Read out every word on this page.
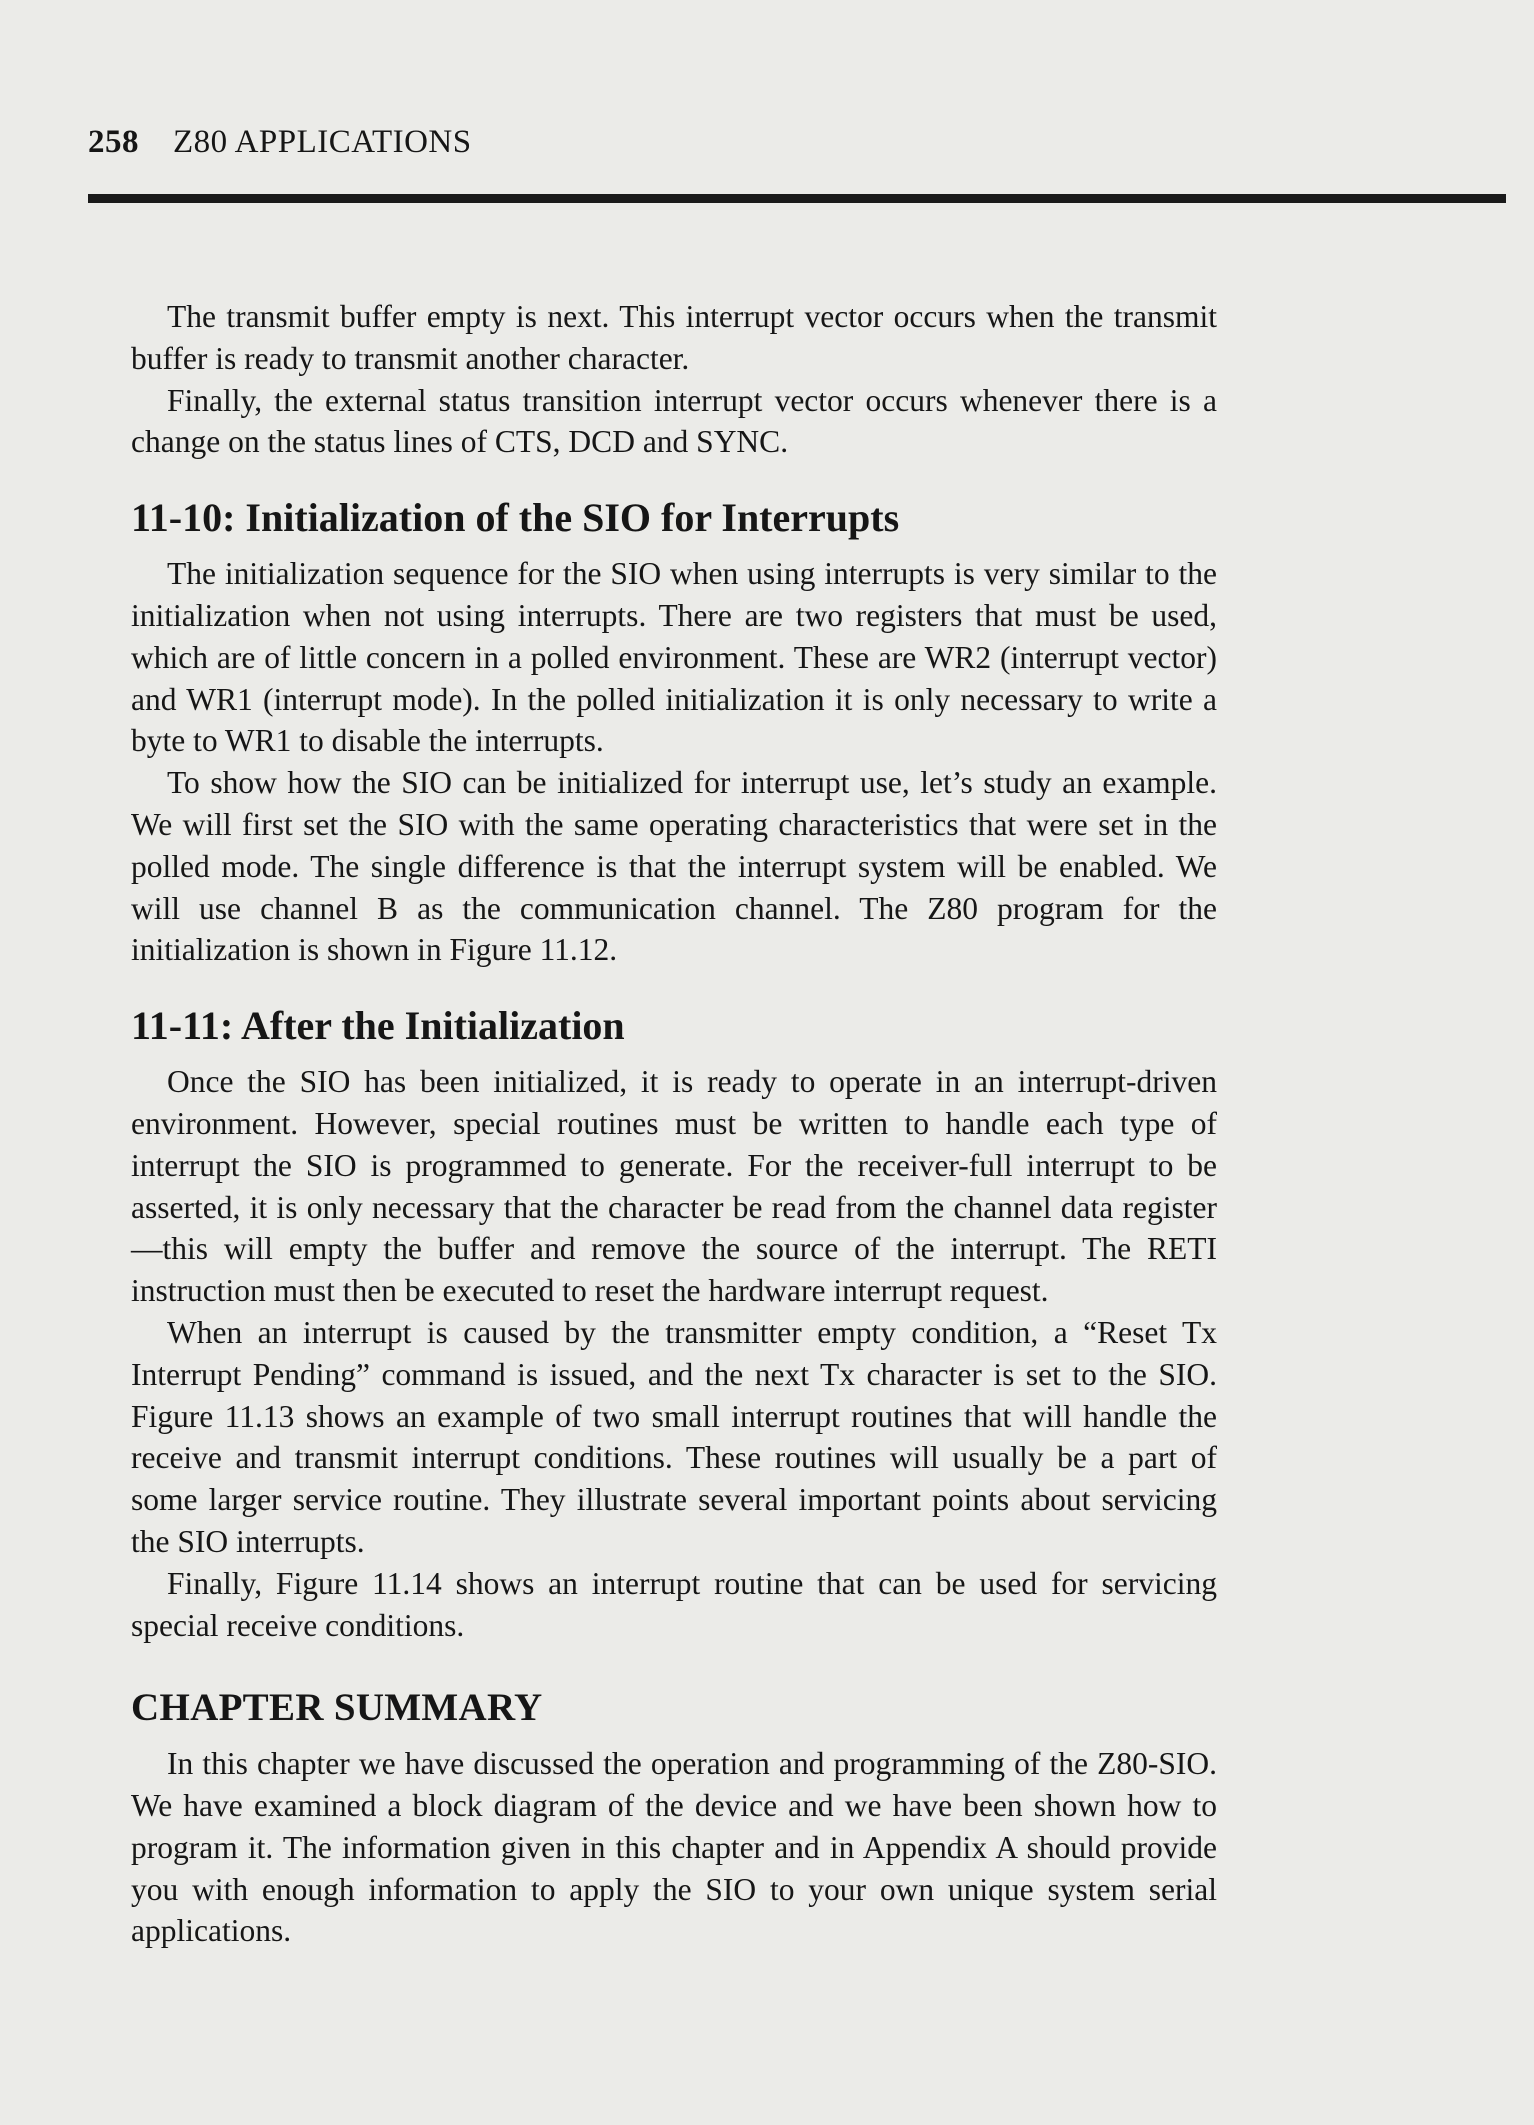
258 Z80 APPLICATIONS

The transmit buffer empty is next. This interrupt vector occurs when the transmit buffer is ready to transmit another character.

Finally, the external status transition interrupt vector occurs whenever there is a change on the status lines of CTS, DCD and SYNC.

11-10: Initialization of the SIO for Interrupts

The initialization sequence for the SIO when using interrupts is very similar to the initialization when not using interrupts. There are two registers that must be used, which are of little concern in a polled environment. These are WR2 (interrupt vector) and WR1 (interrupt mode). In the polled initialization it is only necessary to write a byte to WR1 to disable the interrupts.

To show how the SIO can be initialized for interrupt use, let’s study an example. We will first set the SIO with the same operating characteristics that were set in the polled mode. The single difference is that the interrupt system will be enabled. We will use channel B as the communication channel. The Z80 program for the initialization is shown in Figure 11.12.

11-11: After the Initialization

Once the SIO has been initialized, it is ready to operate in an interrupt-driven environment. However, special routines must be written to handle each type of interrupt the SIO is programmed to generate. For the receiver-full interrupt to be asserted, it is only necessary that the character be read from the channel data register—this will empty the buffer and remove the source of the interrupt. The RETI instruction must then be executed to reset the hardware interrupt request.

When an interrupt is caused by the transmitter empty condition, a “Reset Tx Interrupt Pending” command is issued, and the next Tx character is set to the SIO. Figure 11.13 shows an example of two small interrupt routines that will handle the receive and transmit interrupt conditions. These routines will usually be a part of some larger service routine. They illustrate several important points about servicing the SIO interrupts.

Finally, Figure 11.14 shows an interrupt routine that can be used for servicing special receive conditions.

CHAPTER SUMMARY

In this chapter we have discussed the operation and programming of the Z80-SIO. We have examined a block diagram of the device and we have been shown how to program it. The information given in this chapter and in Appendix A should provide you with enough information to apply the SIO to your own unique system serial applications.
